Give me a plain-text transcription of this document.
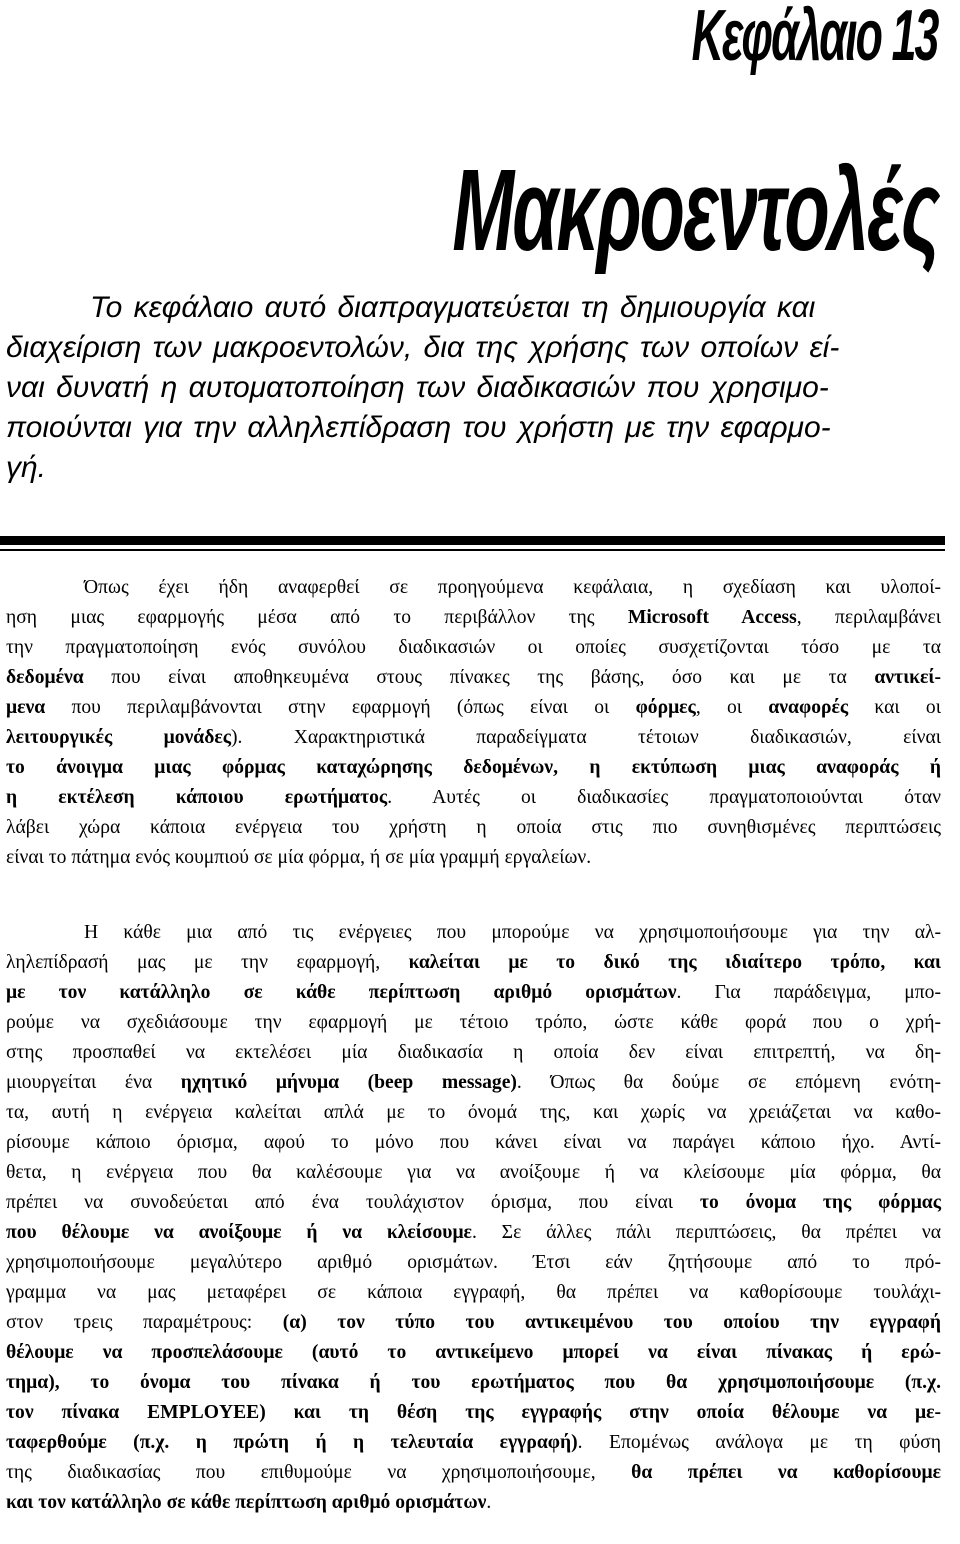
Κεφάλαιο 13
Μακροεντολές
Το κεφάλαιο αυτό διαπραγματεύεται τη δημιουργία και
διαχείριση των μακροεντολών, δια της χρήσης των οποίων εί-
ναι δυνατή η αυτοματοποίηση των διαδικασιών που χρησιμο-
ποιούνται για την αλληλεπίδραση του χρήστη με την εφαρμο-
γή.
Όπως έχει ήδη αναφερθεί σε προηγούμενα κεφάλαια, η σχεδίαση και υλοποί-
ηση μιας εφαρμογής μέσα από το περιβάλλον της Microsoft Access, περιλαμβάνει
την πραγματοποίηση ενός συνόλου διαδικασιών οι οποίες συσχετίζονται τόσο με τα
δεδομένα που είναι αποθηκευμένα στους πίνακες της βάσης, όσο και με τα αντικεί-
μενα που περιλαμβάνονται στην εφαρμογή (όπως είναι οι φόρμες, οι αναφορές και οι
λειτουργικές μονάδες). Χαρακτηριστικά παραδείγματα τέτοιων διαδικασιών, είναι
το άνοιγμα μιας φόρμας καταχώρησης δεδομένων, η εκτύπωση μιας αναφοράς ή
η εκτέλεση κάποιου ερωτήματος. Αυτές οι διαδικασίες πραγματοποιούνται όταν
λάβει χώρα κάποια ενέργεια του χρήστη η οποία στις πιο συνηθισμένες περιπτώσεις
είναι το πάτημα ενός κουμπιού σε μία φόρμα, ή σε μία γραμμή εργαλείων.
Η κάθε μια από τις ενέργειες που μπορούμε να χρησιμοποιήσουμε για την αλ-
ληλεπίδρασή μας με την εφαρμογή, καλείται με το δικό της ιδιαίτερο τρόπο, και
με τον κατάλληλο σε κάθε περίπτωση αριθμό ορισμάτων. Για παράδειγμα, μπο-
ρούμε να σχεδιάσουμε την εφαρμογή με τέτοιο τρόπο, ώστε κάθε φορά που ο χρή-
στης προσπαθεί να εκτελέσει μία διαδικασία η οποία δεν είναι επιτρεπτή, να δη-
μιουργείται ένα ηχητικό μήνυμα (beep message). Όπως θα δούμε σε επόμενη ενότη-
τα, αυτή η ενέργεια καλείται απλά με το όνομά της, και χωρίς να χρειάζεται να καθο-
ρίσουμε κάποιο όρισμα, αφού το μόνο που κάνει είναι να παράγει κάποιο ήχο. Αντί-
θετα, η ενέργεια που θα καλέσουμε για να ανοίξουμε ή να κλείσουμε μία φόρμα, θα
πρέπει να συνοδεύεται από ένα τουλάχιστον όρισμα, που είναι το όνομα της φόρμας
που θέλουμε να ανοίξουμε ή να κλείσουμε. Σε άλλες πάλι περιπτώσεις, θα πρέπει να
χρησιμοποιήσουμε μεγαλύτερο αριθμό ορισμάτων. Έτσι εάν ζητήσουμε από το πρό-
γραμμα να μας μεταφέρει σε κάποια εγγραφή, θα πρέπει να καθορίσουμε τουλάχι-
στον τρεις παραμέτρους: (α) τον τύπο του αντικειμένου του οποίου την εγγραφή
θέλουμε να προσπελάσουμε (αυτό το αντικείμενο μπορεί να είναι πίνακας ή ερώ-
τημα), το όνομα του πίνακα ή του ερωτήματος που θα χρησιμοποιήσουμε (π.χ.
τον πίνακα EMPLOYEE) και τη θέση της εγγραφής στην οποία θέλουμε να με-
ταφερθούμε (π.χ. η πρώτη ή η τελευταία εγγραφή). Επομένως ανάλογα με τη φύση
της διαδικασίας που επιθυμούμε να χρησιμοποιήσουμε, θα πρέπει να καθορίσουμε
και τον κατάλληλο σε κάθε περίπτωση αριθμό ορισμάτων.
